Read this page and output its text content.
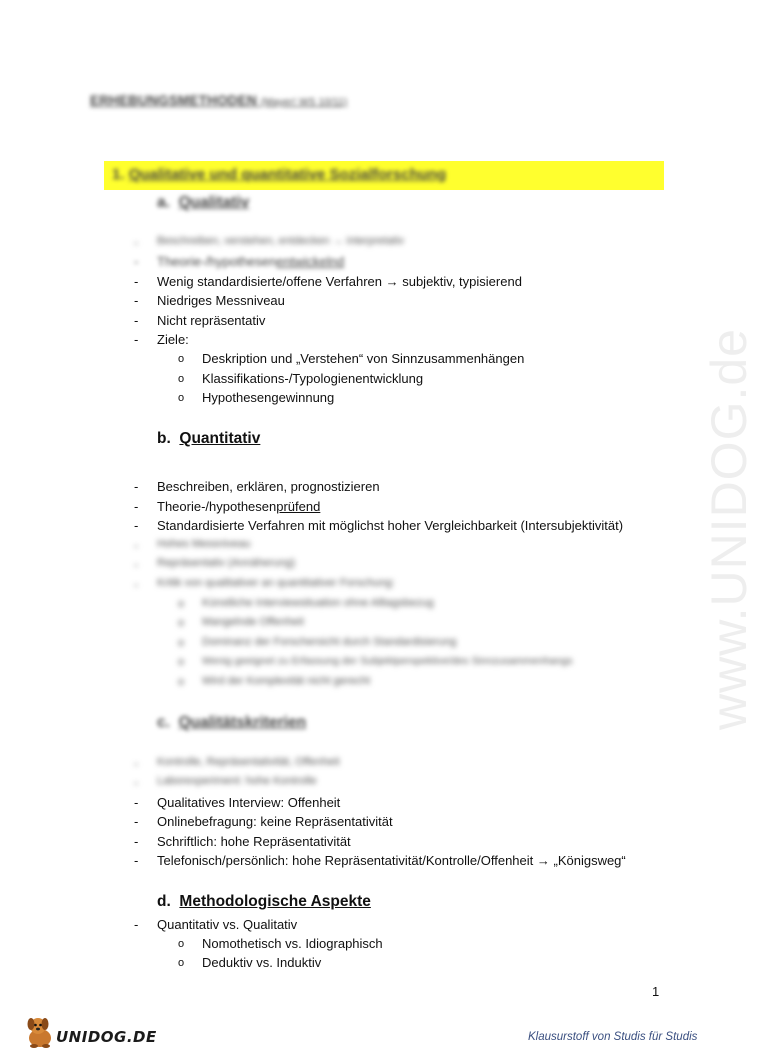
ERHEBUNGSMETHODEN (Mayer! WS 10/11)
1. Qualitative und quantitative Sozialforschung
a. Qualitativ
- Beschreiben, verstehen, entdecken → interpretativ
- Theorie-/hypothesenentwickelnd
- Wenig standardisierte/offene Verfahren → subjektiv, typisierend
- Niedriges Messniveau
- Nicht repräsentativ
- Ziele:
o Deskription und „Verstehen“ von Sinnzusammenhängen
o Klassifikations-/Typologienentwicklung
o Hypothesengewinnung
b. Quantitativ
- Beschreiben, erklären, prognostizieren
- Theorie-/hypothesenprüfend
- Standardisierte Verfahren mit möglichst hoher Vergleichbarkeit (Intersubjektivität)
- Hohes Messniveau
- Repräsentativ (Annäherung)
- Kritik von qualitativer an quantitativer Forschung:
o Künstliche Interviewsituation ohne Alltagsbezug
o Mangelnde Offenheit
o Dominanz der Forschersicht durch Standardisierung
o Wenig geeignet zu Erfassung der Subjektperspektive/des Sinnzusammenhangs
o Wird der Komplexität nicht gerecht
c. Qualitätskriterien
- Kontrolle, Repräsentativität, Offenheit
- Laborexperiment: hohe Kontrolle
- Qualitatives Interview: Offenheit
- Onlinebefragung: keine Repräsentativität
- Schriftlich: hohe Repräsentativität
- Telefonisch/persönlich: hohe Repräsentativität/Kontrolle/Offenheit → „Königsweg“
d. Methodologische Aspekte
- Quantitativ vs. Qualitativ
o Nomothetisch vs. Idiographisch
o Deduktiv vs. Induktiv
1
www.UNIDOG.de
UNIDOG.DE	Klausurstoff von Studis für Studis
